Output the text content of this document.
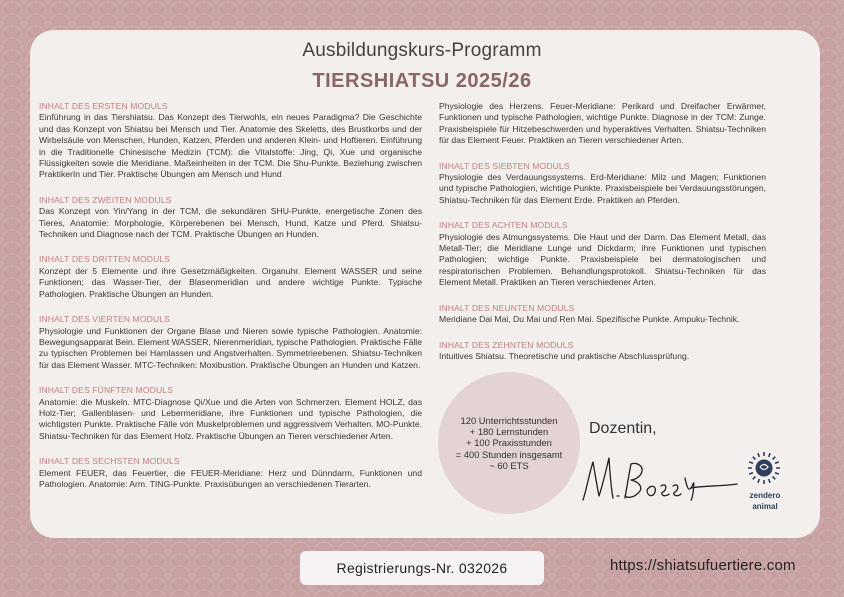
Ausbildungskurs-Programm
TIERSHIATSU 2025/26
INHALT DES ERSTEN MODULS
Einführung in das Tiershiatsu. Das Konzept des Tierwohls, ein neues Paradigma? Die Geschichte und das Konzept von Shiatsu bei Mensch und Tier. Anatomie des Skeletts, des Brustkorbs und der Wirbelsäule von Menschen, Hunden, Katzen, Pferden und anderen Klein- und Hoftieren. Einführung in die Traditionelle Chinesische Medizin (TCM): die Vitalstoffe: Jing, Qi, Xue und organische Flüssigkeiten sowie die Meridiane. Maßeinheiten in der TCM. Die Shu-Punkte. Beziehung zwischen PraktikerIn und Tier. Praktische Übungen am Mensch und Hund
INHALT DES ZWEITEN MODULS
Das Konzept von Yin/Yang in der TCM, die sekundären SHU-Punkte, energetische Zonen des Tieres, Anatomie: Morphologie, Körperebenen bei Mensch, Hund, Katze und Pferd. Shiatsu-Techniken und Diagnose nach der TCM. Praktische Übungen an Hunden.
INHALT DES DRITTEN MODULS
Konzept der 5 Elemente und ihre Gesetzmäßigkeiten. Organuhr. Element WASSER und seine Funktionen; das Wasser-Tier, der Blasenmeridian und andere wichtige Punkte. Typische Pathologien. Praktische Übungen an Hunden.
INHALT DES VIERTEN MODULS
Physiologie und Funktionen der Organe Blase und Nieren sowie typische Pathologien. Anatomie: Bewegungsapparat Bein. Element WASSER, Nierenmeridian, typische Pathologien. Praktische Fälle zu typischen Problemen bei Harnlassen und Angstverhalten. Symmetrieebenen. Shiatsu-Techniken für das Element Wasser. MTC-Techniken: Moxibustion. Praktische Übungen an Hunden und Katzen.
INHALT DES FÜNFTEN MODULS
Anatomie: die Muskeln. MTC-Diagnose Qi/Xue und die Arten von Schmerzen. Element HOLZ, das Holz-Tier; Gallenblasen- und Lebermeridiane, ihre Funktionen und typische Pathologien, die wichtigsten Punkte. Praktische Fälle von Muskelproblemen und aggressivem Verhalten. MO-Punkte. Shiatsu-Techniken für das Element Holz. Praktische Übungen an Tieren verschiedener Arten.
INHALT DES SECHSTEN MODULS
Element FEUER, das Feuertier, die FEUER-Meridiane: Herz und Dünndarm, Funktionen und Pathologien. Anatomie: Arm. TING-Punkte. Praxisübungen an verschiedenen Tierarten.
Physiologie des Herzens. Feuer-Meridiane: Perikard und Dreifacher Erwärmer, Funktionen und typische Pathologien, wichtige Punkte. Diagnose in der TCM: Zunge. Praxisbeispiele für Hitzebeschwerden und hyperaktives Verhalten. Shiatsu-Techniken für das Element Feuer. Praktiken an Tieren verschiedener Arten.
INHALT DES SIEBTEN MODULS
Physiologie des Verdauungssystems. Erd-Meridiane: Milz und Magen; Funktionen und typische Pathologien, wichtige Punkte. Praxisbeispiele bei Verdauungsstörungen, Shiatsu-Techniken für das Element Erde. Praktiken an Pferden.
INHALT DES ACHTEN MODULS
Physiologie des Atmungssystems. Die Haut und der Darm. Das Element Metall, das Metall-Tier; die Meridiane Lunge und Dickdarm; ihre Funktionen und typischen Pathologien; wichtige Punkte. Praxisbeispiele bei dermatologischen und respiratorischen Problemen. Behandlungsprotokoll. Shiatsu-Techniken für das Element Metall. Praktiken an Tieren verschiedener Arten.
INHALT DES NEUNTEN MODULS
Meridiane Dai Mai, Du Mai und Ren Mai. Spezifische Punkte. Ampuku-Technik.
INHALT DES ZEHNTEN MODULS
Intuitives Shiatsu. Theoretische und praktische Abschlussprüfung.
120 Unterrichtsstunden
+ 180 Lernstunden
+ 100 Praxisstunden
= 400 Stunden insgesamt
~ 60 ETS
Dozentin,
zendero
animal
Registrierungs-Nr. 032026	https://shiatsufuertiere.com
